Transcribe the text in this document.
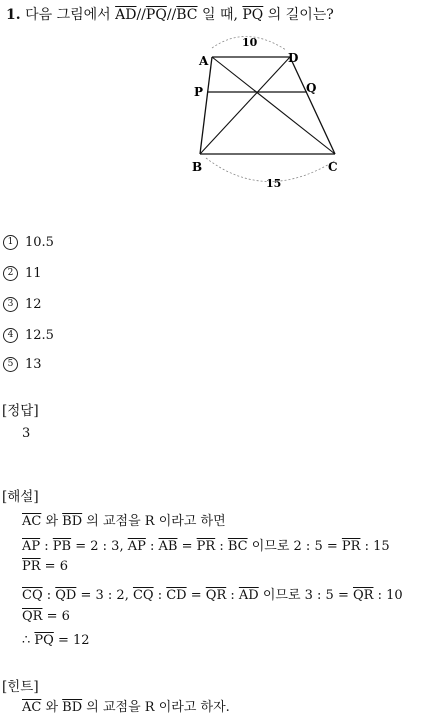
1. 다음 그림에서 $\overline{AD}//\overline{PQ}//\overline{BC}$ 일 때, $\overline{PQ}$ 의 길이는?
A	D
P	Q
B	C
10
15
1 10.5
2 11
3 12
4 12.5
5 13
[정답]
3
[해설]
$\overline{AC}$ 와 $\overline{BD}$ 의 교점을 R 이라고 하면
$\overline{AP}$ : $\overline{PB} = 2$ : 3, $\overline{AP}$ : $\overline{AB} = \overline{PR}$ : $\overline{BC}$ 이므로 2 : $5 = \overline{PR}$ : 15
$\overline{PR} = 6$
$\overline{CQ}$ : $\overline{QD} = 3$ : 2, $\overline{CQ}$ : $\overline{CD} = \overline{QR}$ : $\overline{AD}$ 이므로 3 : $5 = \overline{QR}$ : 10
$\overline{QR} = 6$
∴ $\overline{PQ} = 12$
[힌트]
$\overline{AC}$ 와 $\overline{BD}$ 의 교점을 R 이라고 하자.
